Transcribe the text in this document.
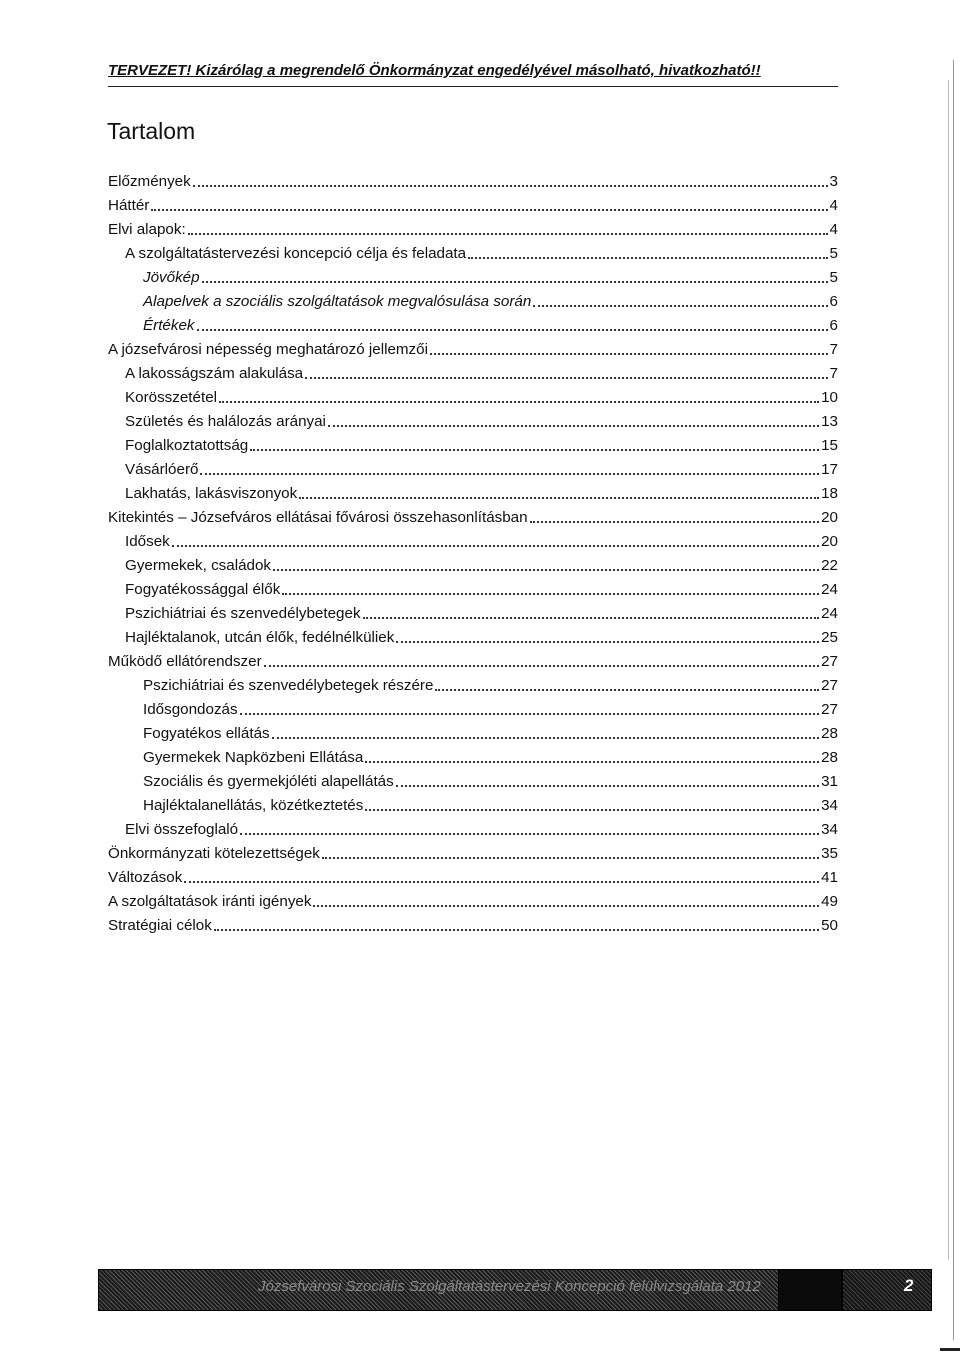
TERVEZET! Kizárólag a megrendelő Önkormányzat engedélyével másolható, hivatkozható!!
Tartalom
Előzmények	3
Háttér	4
Elvi alapok:	4
A szolgáltatástervezési koncepció célja és feladata	5
Jövőkép	5
Alapelvek a szociális szolgáltatások megvalósulása során	6
Értékek	6
A józsefvárosi népesség meghatározó jellemzői	7
A lakosságszám alakulása	7
Korösszetétel	10
Születés és halálozás arányai	13
Foglalkoztatottság	15
Vásárlóerő	17
Lakhatás, lakásviszonyok	18
Kitekintés – Józsefváros ellátásai fővárosi összehasonlításban	20
Idősek	20
Gyermekek, családok	22
Fogyatékossággal élők	24
Pszichiátriai és szenvedélybetegek	24
Hajléktalanok, utcán élők, fedélnélküliek	25
Működő ellátórendszer	27
Pszichiátriai és szenvedélybetegek részére	27
Idősgondozás	27
Fogyatékos ellátás	28
Gyermekek Napközbeni Ellátása	28
Szociális és gyermekjóléti alapellátás	31
Hajléktalanellátás, közétkeztetés	34
Elvi összefoglaló	34
Önkormányzati kötelezettségek	35
Változások	41
A szolgáltatások iránti igények	49
Stratégiai célok	50
Józsefvárosi Szociális Szolgáltatástervezési Koncepció felülvizsgálata 2012	2
